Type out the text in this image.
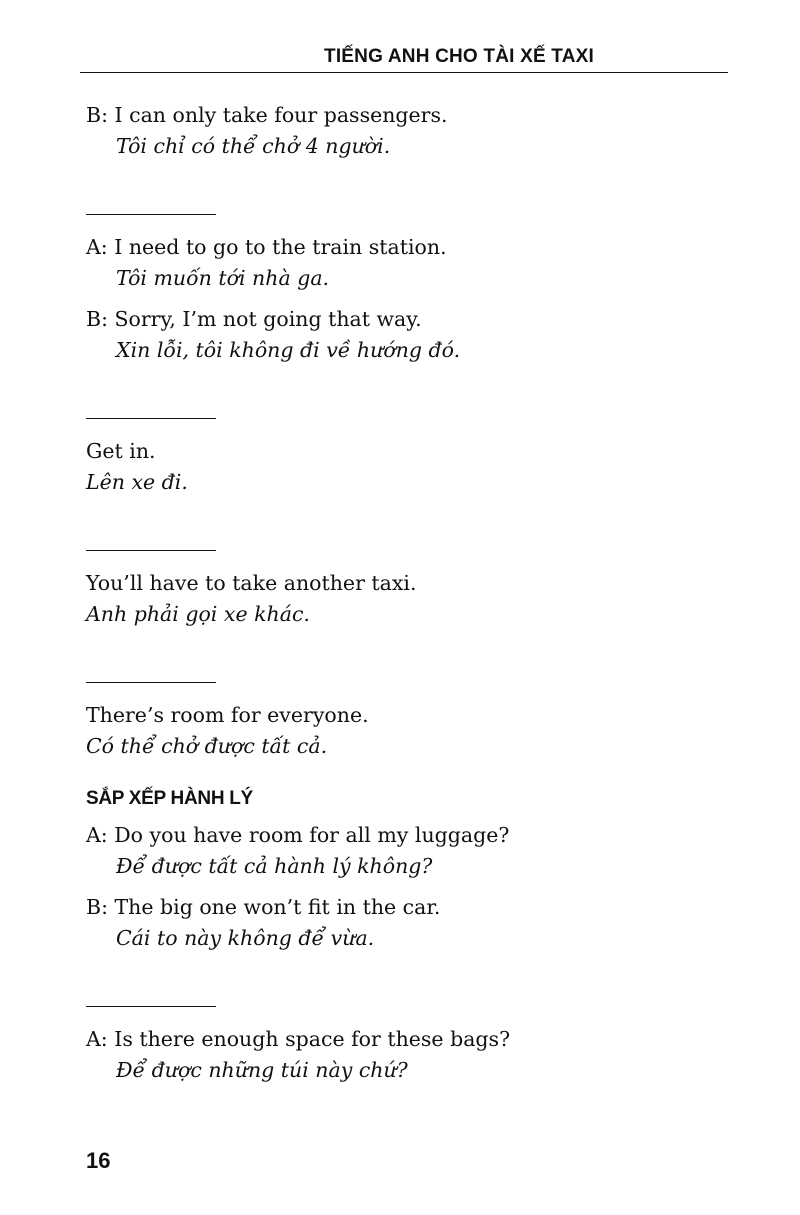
TIẾNG ANH CHO TÀI XẾ TAXI
B: I can only take four passengers.
Tôi chỉ có thể chở 4 người.
A: I need to go to the train station.
Tôi muốn tới nhà ga.
B: Sorry, I’m not going that way.
Xin lỗi, tôi không đi về hướng đó.
Get in.
Lên xe đi.
You’ll have to take another taxi.
Anh phải gọi xe khác.
There’s room for everyone.
Có thể chở được tất cả.
SẮP XẾP HÀNH LÝ
A: Do you have room for all my luggage?
Để được tất cả hành lý không?
B: The big one won’t fit in the car.
Cái to này không để vừa.
A: Is there enough space for these bags?
Để được những túi này chứ?
16
